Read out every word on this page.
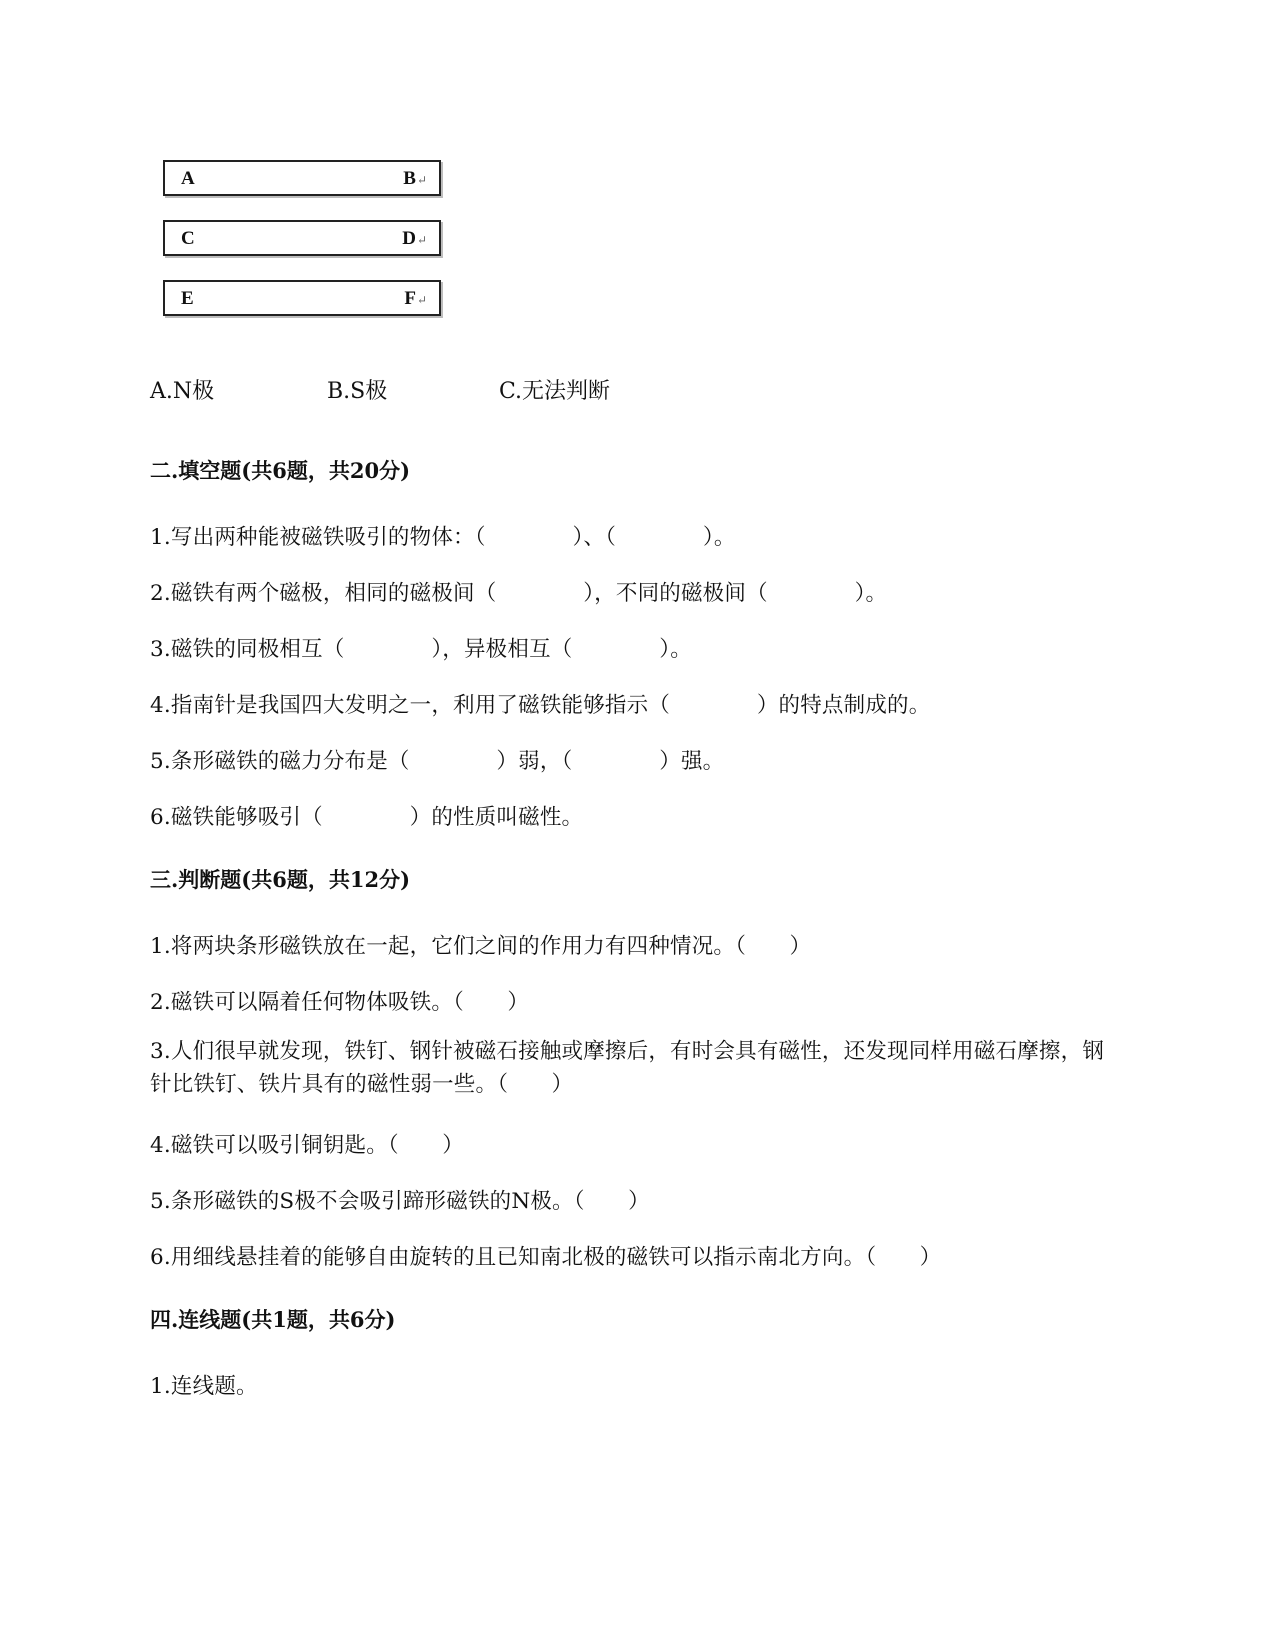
A	B↵
C	D↵
E	F↵
A.N极	B.S极	C.无法判断
二.填空题(共6题，共20分)
1.写出两种能被磁铁吸引的物体：（　　　　）、（　　　　）。
2.磁铁有两个磁极，相同的磁极间（　　　　），不同的磁极间（　　　　）。
3.磁铁的同极相互（　　　　），异极相互（　　　　）。
4.指南针是我国四大发明之一，利用了磁铁能够指示（　　　　）的特点制成的。
5.条形磁铁的磁力分布是（　　　　）弱，（　　　　）强。
6.磁铁能够吸引（　　　　）的性质叫磁性。
三.判断题(共6题，共12分)
1.将两块条形磁铁放在一起，它们之间的作用力有四种情况。（　　）
2.磁铁可以隔着任何物体吸铁。（　　）
3.人们很早就发现，铁钉、钢针被磁石接触或摩擦后，有时会具有磁性，还发现同样用磁石摩擦，钢针比铁钉、铁片具有的磁性弱一些。（　　）
4.磁铁可以吸引铜钥匙。（　　）
5.条形磁铁的S极不会吸引蹄形磁铁的N极。（　　）
6.用细线悬挂着的能够自由旋转的且已知南北极的磁铁可以指示南北方向。（　　）
四.连线题(共1题，共6分)
1.连线题。
